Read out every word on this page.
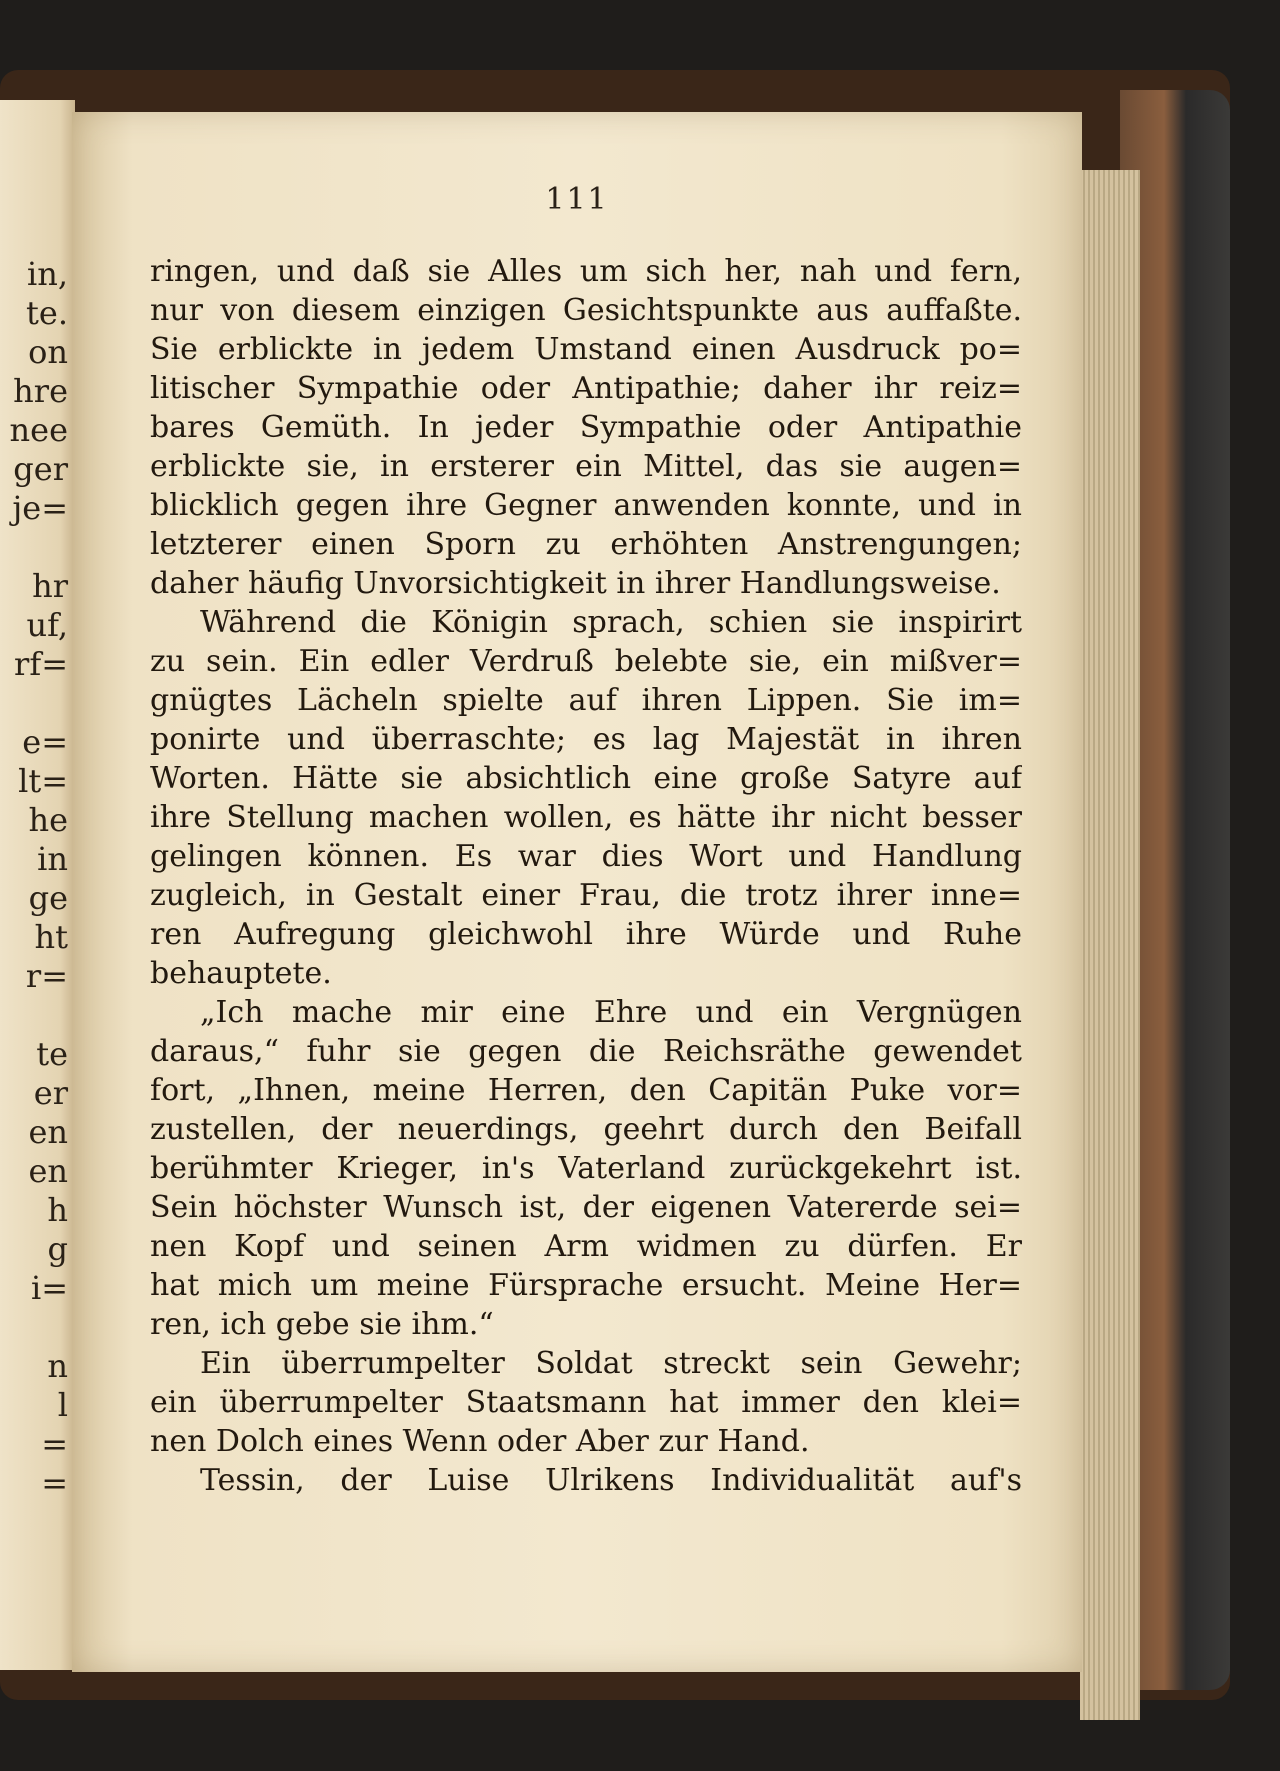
in,
te.
on
hre
nee
ger
je=
hr
uf,
rf=
e=
lt=
he
in
ge
ht
r=
te
er
en
en
h
g
i=
n
l
=
=
111
ringen, und daß sie Alles um sich her, nah und fern,
nur von diesem einzigen Gesichtspunkte aus auffaßte.
Sie erblickte in jedem Umstand einen Ausdruck po=
litischer Sympathie oder Antipathie; daher ihr reiz=
bares Gemüth. In jeder Sympathie oder Antipathie
erblickte sie, in ersterer ein Mittel, das sie augen=
blicklich gegen ihre Gegner anwenden konnte, und in
letzterer einen Sporn zu erhöhten Anstrengungen;
daher häufig Unvorsichtigkeit in ihrer Handlungsweise.
Während die Königin sprach, schien sie inspirirt
zu sein. Ein edler Verdruß belebte sie, ein mißver=
gnügtes Lächeln spielte auf ihren Lippen. Sie im=
ponirte und überraschte; es lag Majestät in ihren
Worten. Hätte sie absichtlich eine große Satyre auf
ihre Stellung machen wollen, es hätte ihr nicht besser
gelingen können. Es war dies Wort und Handlung
zugleich, in Gestalt einer Frau, die trotz ihrer inne=
ren Aufregung gleichwohl ihre Würde und Ruhe
behauptete.
„Ich mache mir eine Ehre und ein Vergnügen
daraus,“ fuhr sie gegen die Reichsräthe gewendet
fort, „Ihnen, meine Herren, den Capitän Puke vor=
zustellen, der neuerdings, geehrt durch den Beifall
berühmter Krieger, in's Vaterland zurückgekehrt ist.
Sein höchster Wunsch ist, der eigenen Vatererde sei=
nen Kopf und seinen Arm widmen zu dürfen. Er
hat mich um meine Fürsprache ersucht. Meine Her=
ren, ich gebe sie ihm.“
Ein überrumpelter Soldat streckt sein Gewehr;
ein überrumpelter Staatsmann hat immer den klei=
nen Dolch eines Wenn oder Aber zur Hand.
Tessin, der Luise Ulrikens Individualität auf's
